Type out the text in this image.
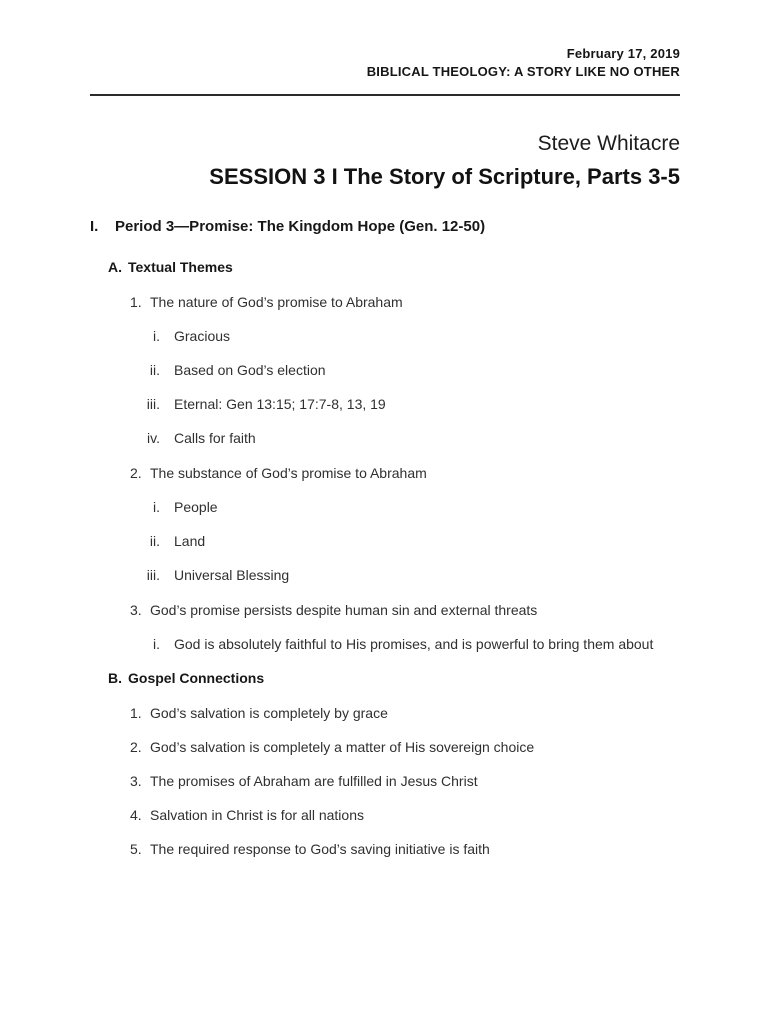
February 17, 2019
BIBLICAL THEOLOGY: A STORY LIKE NO OTHER
Steve Whitacre
SESSION 3 I The Story of Scripture, Parts 3-5
I.	Period 3—Promise: The Kingdom Hope (Gen. 12-50)
A. Textual Themes
1. The nature of God’s promise to Abraham
i. Gracious
ii. Based on God’s election
iii. Eternal: Gen 13:15; 17:7-8, 13, 19
iv. Calls for faith
2. The substance of God’s promise to Abraham
i. People
ii. Land
iii. Universal Blessing
3. God’s promise persists despite human sin and external threats
i. God is absolutely faithful to His promises, and is powerful to bring them about
B. Gospel Connections
1. God’s salvation is completely by grace
2. God’s salvation is completely a matter of His sovereign choice
3. The promises of Abraham are fulfilled in Jesus Christ
4. Salvation in Christ is for all nations
5. The required response to God’s saving initiative is faith
